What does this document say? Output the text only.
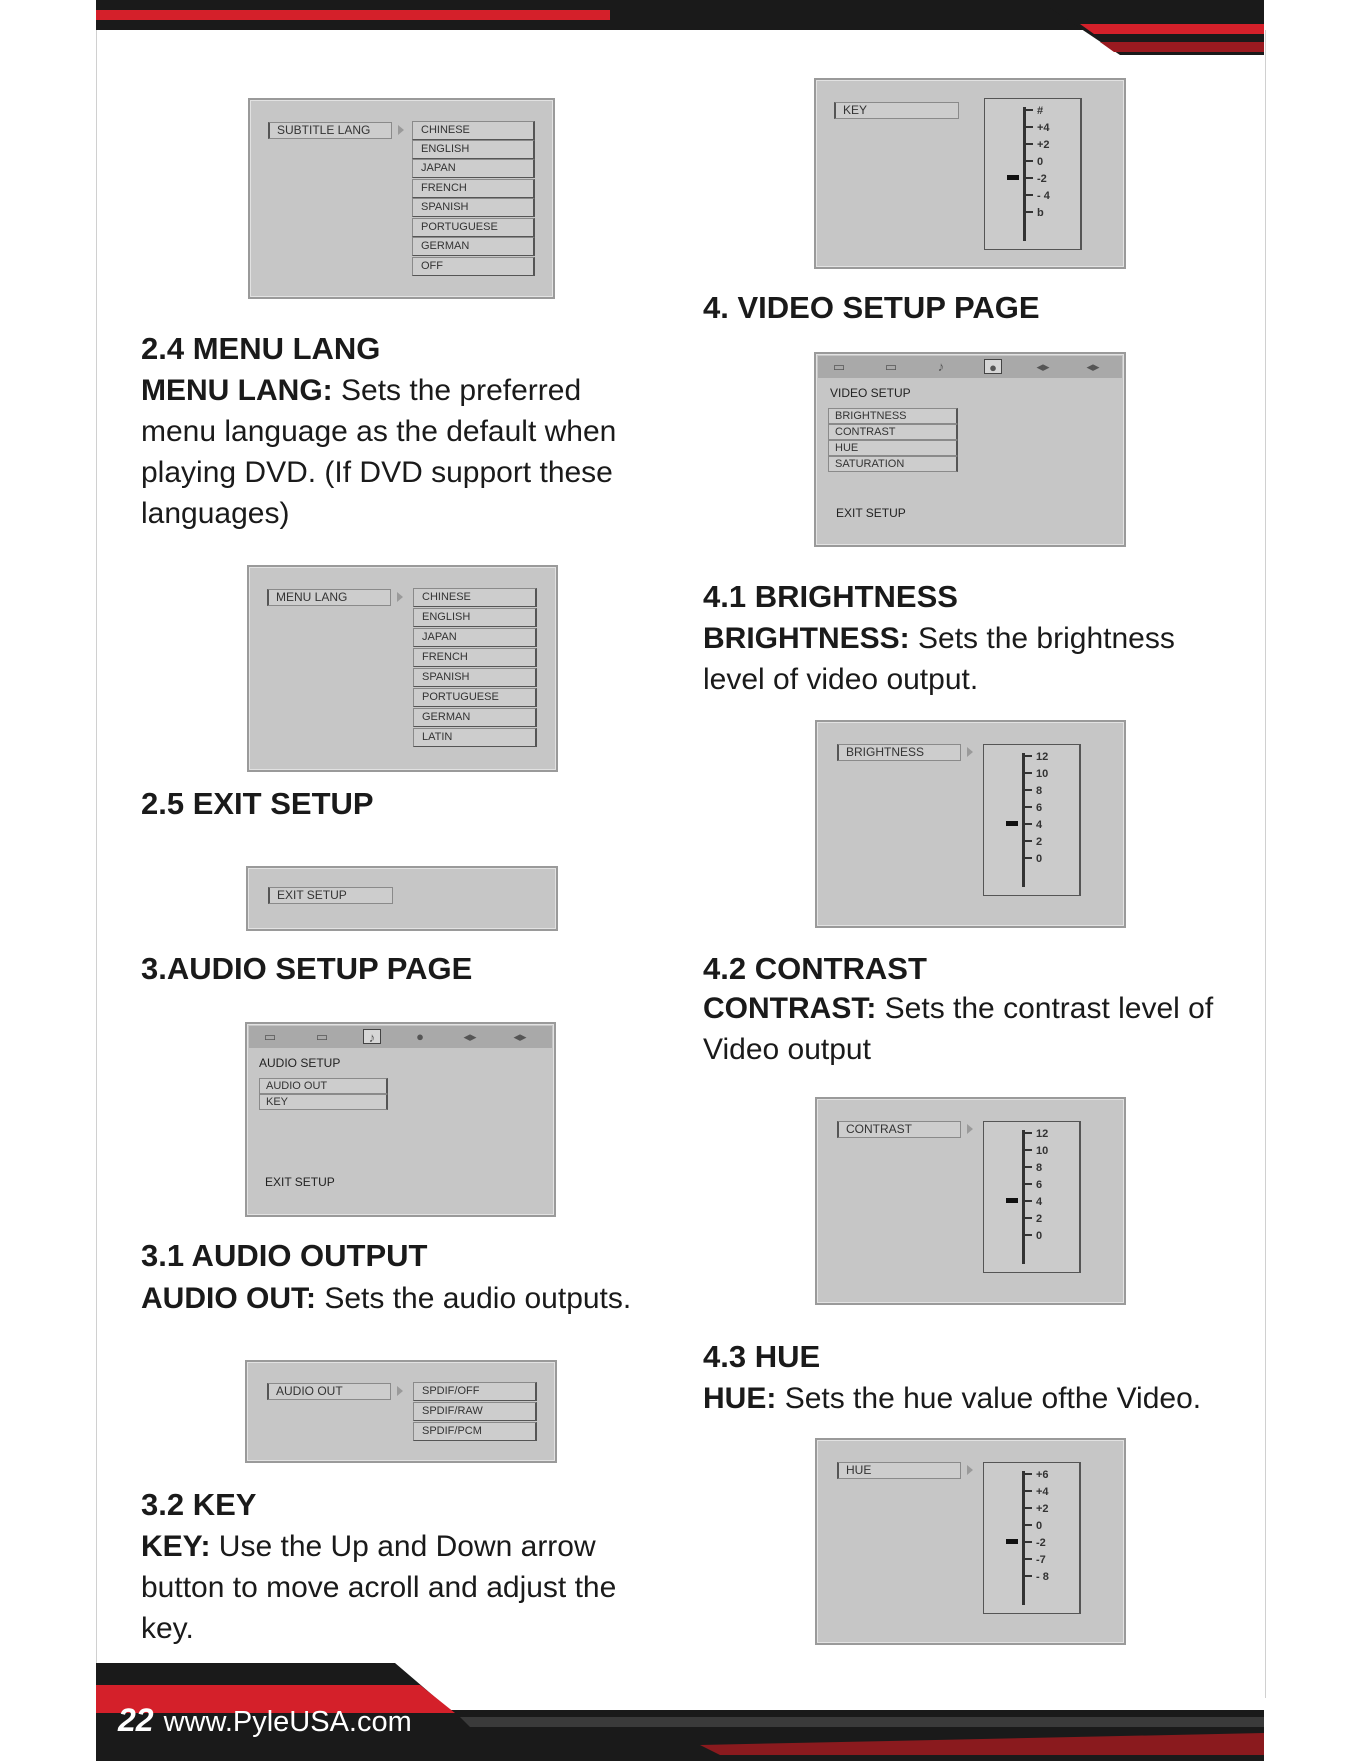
22 www.PyleUSA.com
SUBTITLE LANG	CHINESE
ENGLISH
JAPAN
FRENCH
SPANISH
PORTUGUESE
GERMAN
OFF
2.4 MENU LANG

MENU LANG: Sets the preferred menu language as the default when playing DVD. (If DVD support these languages)

MENU LANG	CHINESE
ENGLISH
JAPAN
FRENCH
SPANISH
PORTUGUESE
GERMAN
LATIN
2.5 EXIT SETUP
EXIT SETUP
3.AUDIO SETUP PAGE
▭	▭	♪	●	◂▸	◂▸
AUDIO SETUP
AUDIO OUT
KEY
EXIT SETUP
3.1 AUDIO OUTPUT

AUDIO OUT: Sets the audio outputs.

AUDIO OUT	SPDIF/OFF
SPDIF/RAW
SPDIF/PCM
3.2 KEY

KEY: Use the Up and Down arrow button to move acroll and adjust the key.

KEY	#
+4
+2
0
-2
- 4
b
4. VIDEO SETUP PAGE
▭	▭	♪	●	◂▸	◂▸
VIDEO SETUP
BRIGHTNESS
CONTRAST
HUE
SATURATION
EXIT SETUP
4.1 BRIGHTNESS

BRIGHTNESS: Sets the brightness level of video output.

BRIGHTNESS	12
10
8
6
4
2
0
4.2 CONTRAST

CONTRAST: Sets the contrast level of Video output

CONTRAST	12
10
8
6
4
2
0
4.3 HUE

HUE: Sets the hue value ofthe Video.

HUE	+6
+4
+2
0
-2
-7
- 8
